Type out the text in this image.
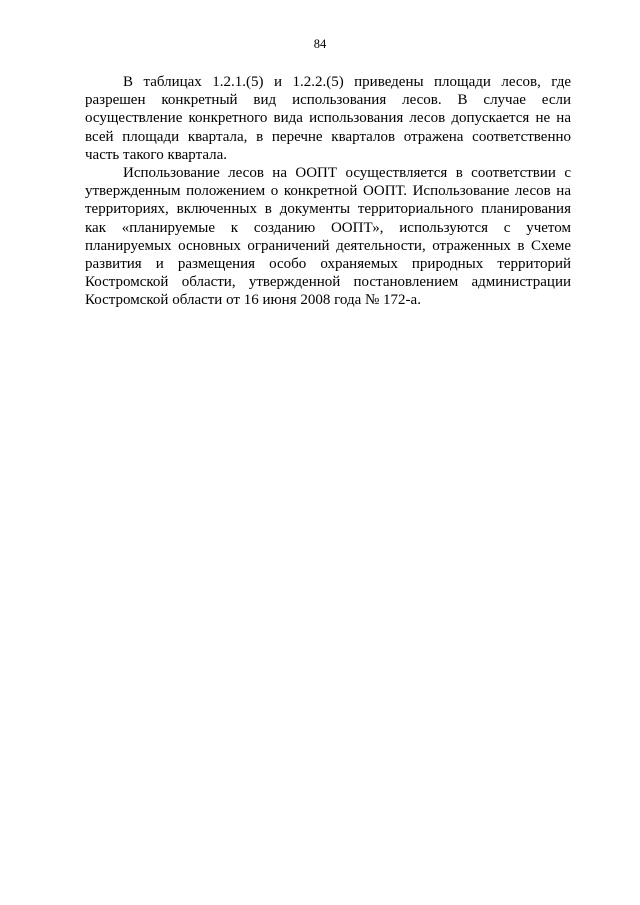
84

В таблицах 1.2.1.(5) и 1.2.2.(5) приведены площади лесов, где разрешен конкретный вид использования лесов. В случае если осуществление конкретного вида использования лесов допускается не на всей площади квартала, в перечне кварталов отражена соответственно часть такого квартала.

Использование лесов на ООПТ осуществляется в соответствии с утвержденным положением о конкретной ООПТ. Использование лесов на территориях, включенных в документы территориального планирования как «планируемые к созданию ООПТ», используются с учетом планируемых основных ограничений деятельности, отраженных в Схеме развития и размещения особо охраняемых природных территорий Костромской области, утвержденной постановлением администрации Костромской области от 16 июня 2008 года № 172-а.
